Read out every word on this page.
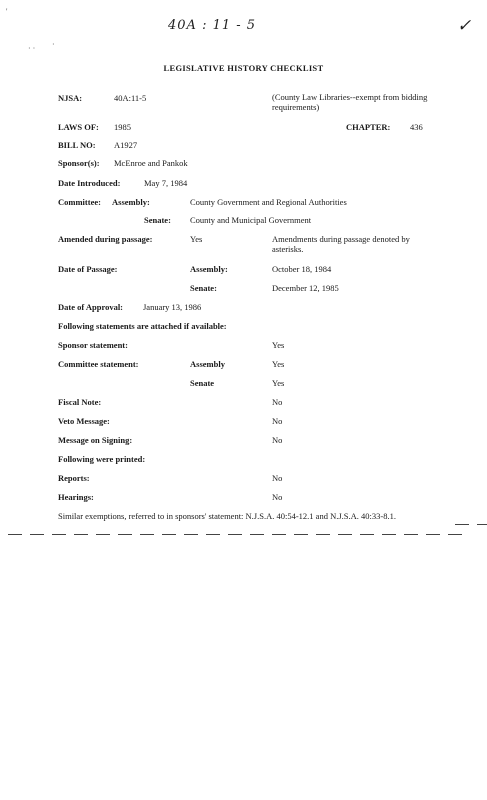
40A : 11 - 5	✓
'
· · ·
LEGISLATIVE HISTORY CHECKLIST
NJSA:	40A:11-5	(County Law Libraries--exempt from bidding requirements)
LAWS OF: 1985	CHAPTER: 436
BILL NO: A1927
Sponsor(s): McEnroe and Pankok
Date Introduced:	May 7, 1984
Committee: Assembly:	County Government and Regional Authorities
Senate: County and Municipal Government
Amended during passage:	Yes	Amendments during passage denoted by asterisks.
Date of Passage:	Assembly:	October 18, 1984
Senate:	December 12, 1985
Date of Approval: January 13, 1986
Following statements are attached if available:
Sponsor statement:	Yes
Committee statement:	Assembly	Yes
Senate	Yes
Fiscal Note:	No
Veto Message:	No
Message on Signing:	No
Following were printed:
Reports:	No
Hearings:	No
Similar exemptions, referred to in sponsors' statement: N.J.S.A. 40:54-12.1 and N.J.S.A. 40:33-8.1.
